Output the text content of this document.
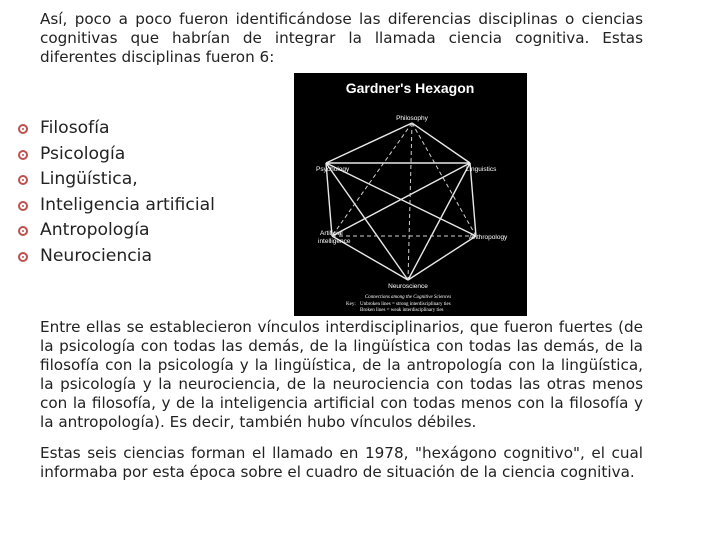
Así, poco a poco fueron identificándose las diferencias disciplinas o ciencias cognitivas que habrían de integrar la llamada ciencia cognitiva. Estas diferentes disciplinas fueron 6:
Filosofía
Psicología
Lingüística,
Inteligencia artificial
Antropología
Neurociencia
Gardner's Hexagon
Philosophy
Psychology	Linguistics
Artificial
intelligence
Anthropology
Neuroscience
Connections among the Cognitive Sciences
Key: Unbroken lines = strong interdisciplinary ties
Broken lines = weak interdisciplinary ties

Entre ellas se establecieron vínculos interdisciplinarios, que fueron fuertes (de la psicología con todas las demás, de la lingüística con todas las demás, de la filosofía con la psicología y la lingüística, de la antropología con la lingüística, la psicología y la neurociencia, de la neurociencia con todas las otras menos con la filosofía, y de la inteligencia artificial con todas menos con la filosofía y la antropología). Es decir, también hubo vínculos débiles.

Estas seis ciencias forman el llamado en 1978, "hexágono cognitivo", el cual informaba por esta época sobre el cuadro de situación de la ciencia cognitiva.
